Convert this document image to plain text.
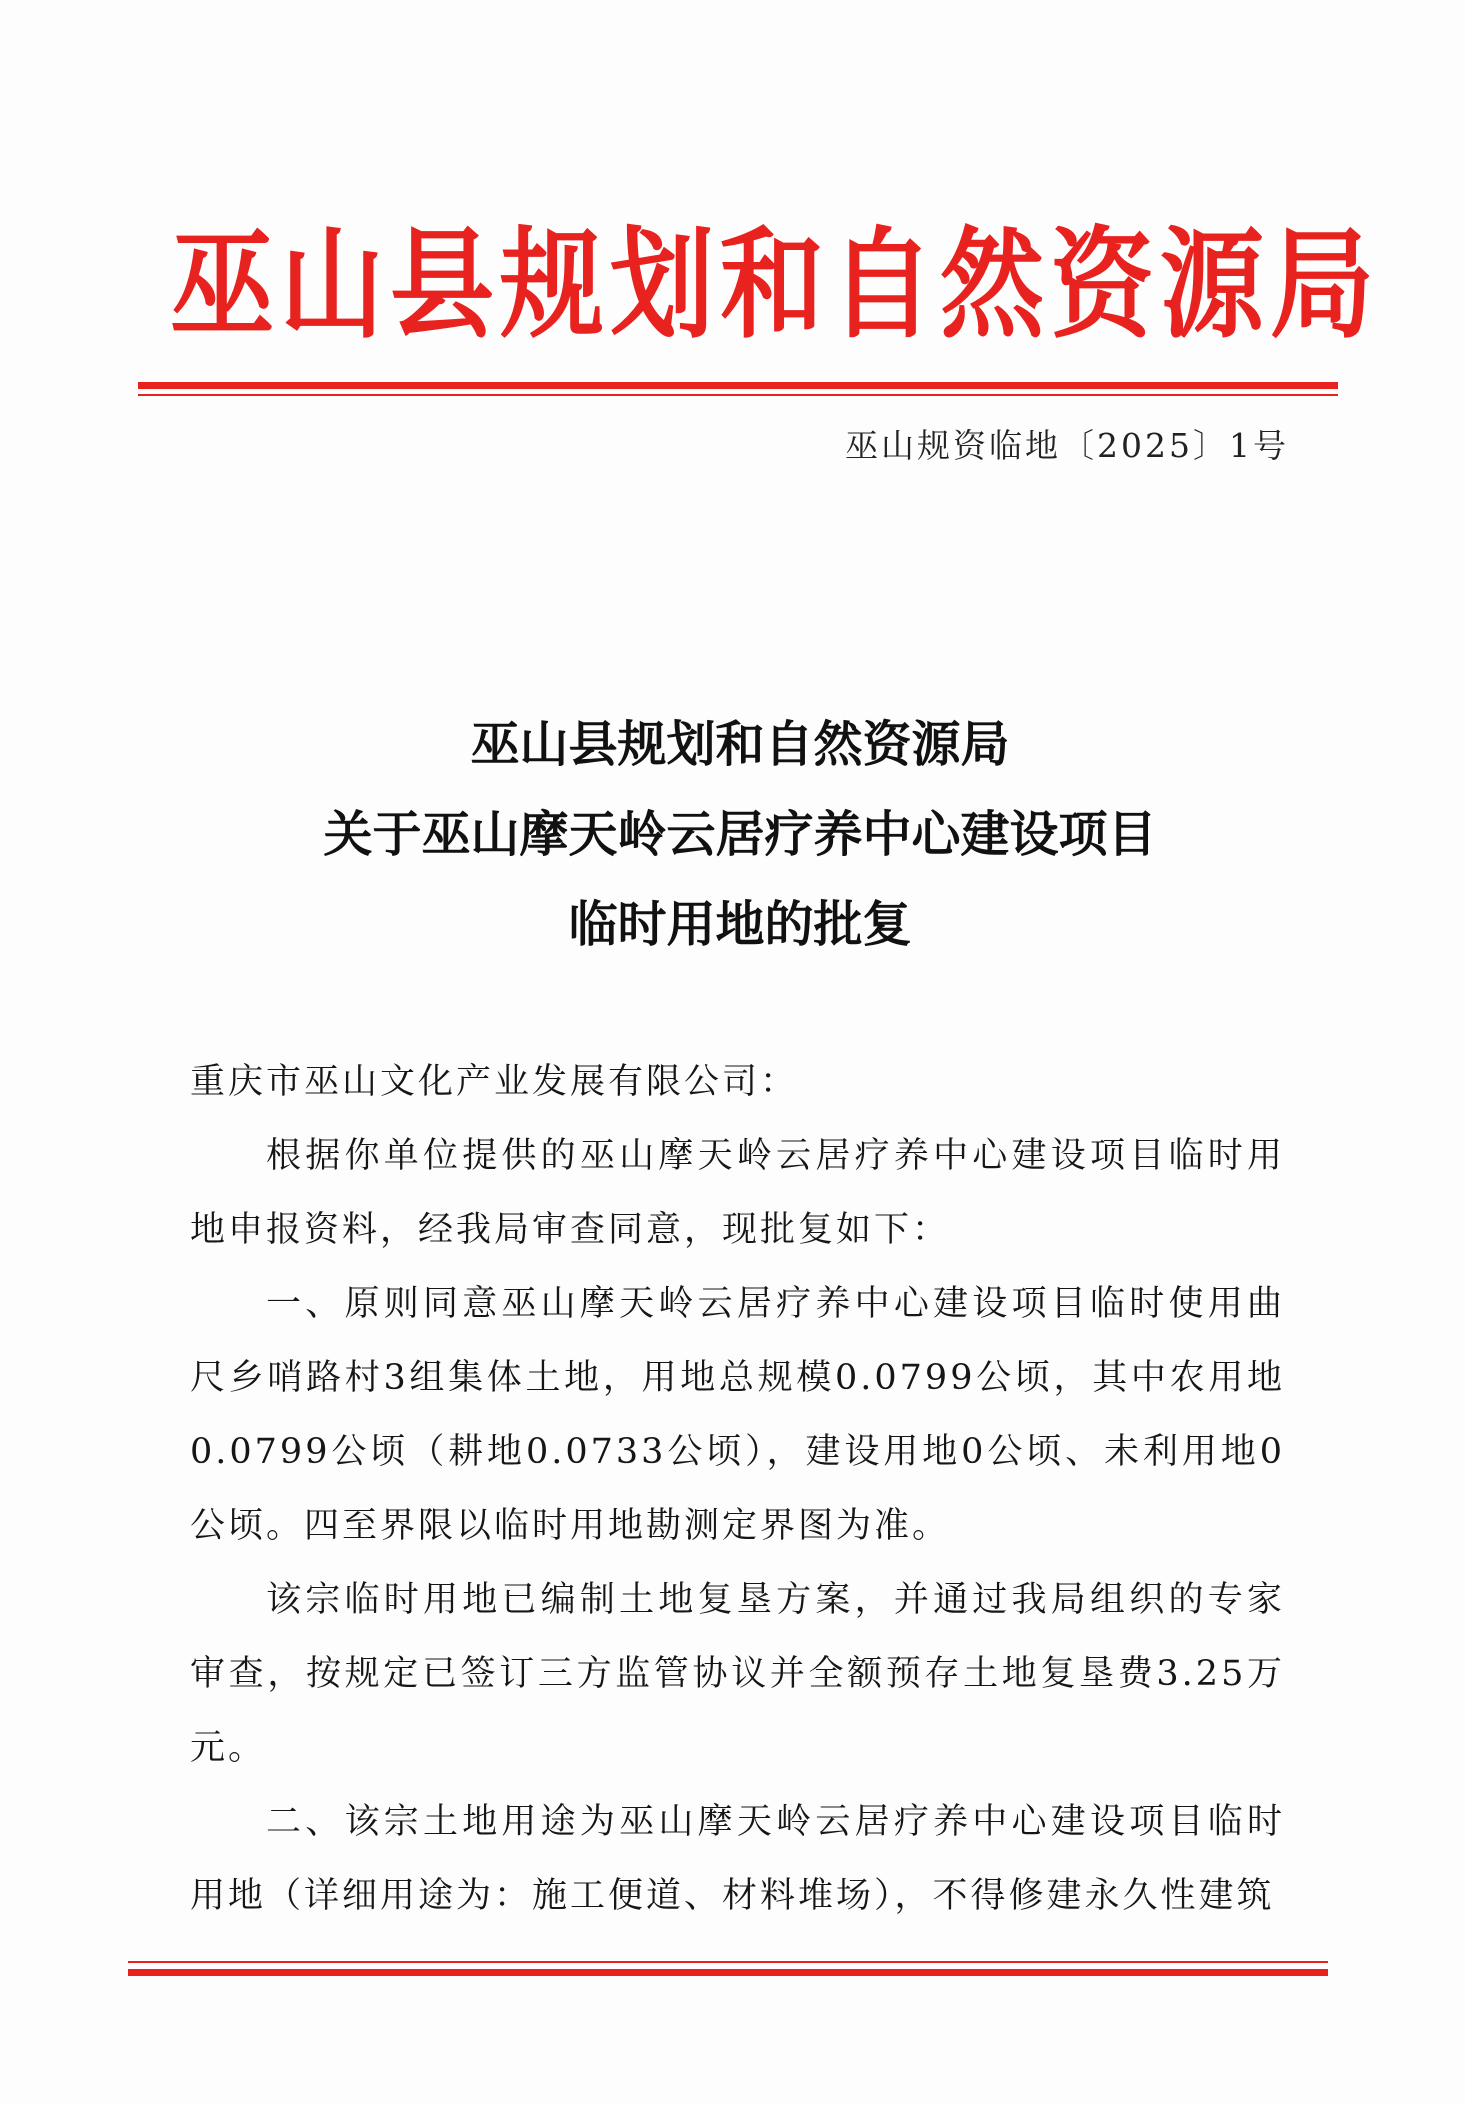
巫山县规划和自然资源局
巫山规资临地〔2025〕1号
巫山县规划和自然资源局
关于巫山摩天岭云居疗养中心建设项目
临时用地的批复
重庆市巫山文化产业发展有限公司：
根据你单位提供的巫山摩天岭云居疗养中心建设项目临时用地申报资料，经我局审查同意，现批复如下：
一、原则同意巫山摩天岭云居疗养中心建设项目临时使用曲尺乡哨路村3组集体土地，用地总规模0.0799公顷，其中农用地0.0799公顷（耕地0.0733公顷），建设用地0公顷、未利用地0公顷。四至界限以临时用地勘测定界图为准。
该宗临时用地已编制土地复垦方案，并通过我局组织的专家审查，按规定已签订三方监管协议并全额预存土地复垦费3.25万元。
二、该宗土地用途为巫山摩天岭云居疗养中心建设项目临时用地（详细用途为：施工便道、材料堆场），不得修建永久性建筑
